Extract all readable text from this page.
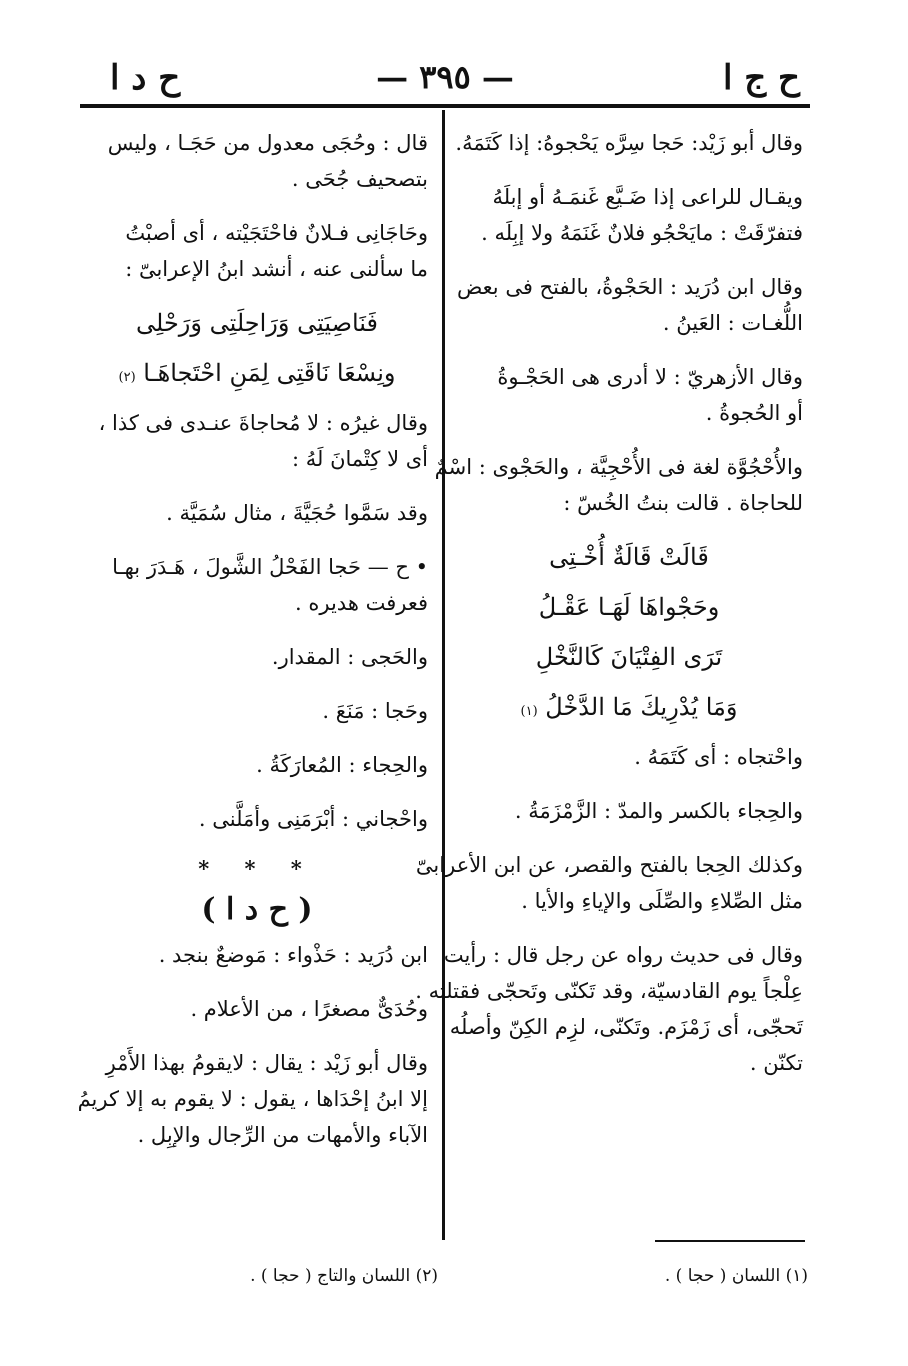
ح ج ا
— ٣٩٥ —
ح د ا
وقال أبو زَيْد: حَجا سِرَّه يَحْجوهُ: إذا كَتَمَهُ.
ويقـال للراعى إذا ضَـيَّع غَنمَـهُ أو إبلَهُ
فتفرّقَتْ : مايَحْجُو فلانٌ غَنَمَهُ ولا إبِلَه .
وقال ابن دُرَيد : الحَجْوةُ، بالفتح فى بعض
اللُّغـات : العَينُ .
وقال الأزهريّ : لا أدرى هى الحَجْـوةُ
أو الحُجوةُ .
والأُحْجُوَّة لغة فى الأُحْجِيَّة ، والحَجْوى : اسْمٌ
للحاجاة . قالت بنتُ الخُسّ :
قَالَتْ قَالَةٌ أُخْـتِى
وحَجْواهَا لَهَـا عَقْـلُ
تَرَى الفِتْيَانَ كَالنَّخْلِ
وَمَا يُدْرِيكَ مَا الدَّخْلُ (١)
واحْتجاه : أى كَتَمَهُ .
والحِجاء بالكسر والمدّ : الزَّمْزَمَةُ .
وكذلك الحِجا بالفتح والقصر، عن ابن الأعرابىّ
مثل الصِّلاءِ والصِّلَى والإياءِ والأيا .
وقال فى حديث رواه عن رجل قال : رأيت
عِلْجاً يوم القادسيّة، وقد تَكنّى وتَحجّى فقتلته .
تَحجّى، أى زَمْزَم. وتَكنّى، لزِم الكِنّ وأصلُه
تكنّن .
قال : وحُجَى معدول من حَجَـا ، وليس
بتصحيف جُحَى .
وحَاجَانِى فـلانٌ فاحْتَجَيْته ، أى أصبْتُ
ما سألنى عنه ، أنشد ابنُ الإعرابىّ :
فَنَاصِيَتِى وَرَاحِلَتِى وَرَحْلِى
ونِسْعَا نَاقَتِى لِمَنِ احْتَجاهَـا (٢)
وقال غيرُه : لا مُحاجاةَ عنـدى فى كذا ،
أى لا كِتْمانَ لَهُ :
وقد سَمَّوا حُجَيَّةَ ، مثال سُمَيَّة .
• ح — حَجا الفَحْلُ الشَّولَ ، هَـدَرَ بهـا
فعرفت هديره .
والحَجى : المقدار.
وحَجا : مَنَعَ .
والحِجاء : المُعارَكَةُ .
واحْجاني : أبْرَمَنِى وأمَلَّنى .
* * *
( ح د ا )
ابن دُرَيد : حَذْواء : مَوضعٌ بنجد .
وحُدَىٌّ مصغرًا ، من الأعلام .
وقال أبو زَيْد : يقال : لايقومُ بهذا الأَمْرِ
إلا ابنُ إحْدَاها ، يقول : لا يقوم به إلا كريمُ
الآباء والأمهات من الرِّجال والإبِل .
(١) اللسان ( حجا ) .
(٢) اللسان والتاج ( حجا ) .
